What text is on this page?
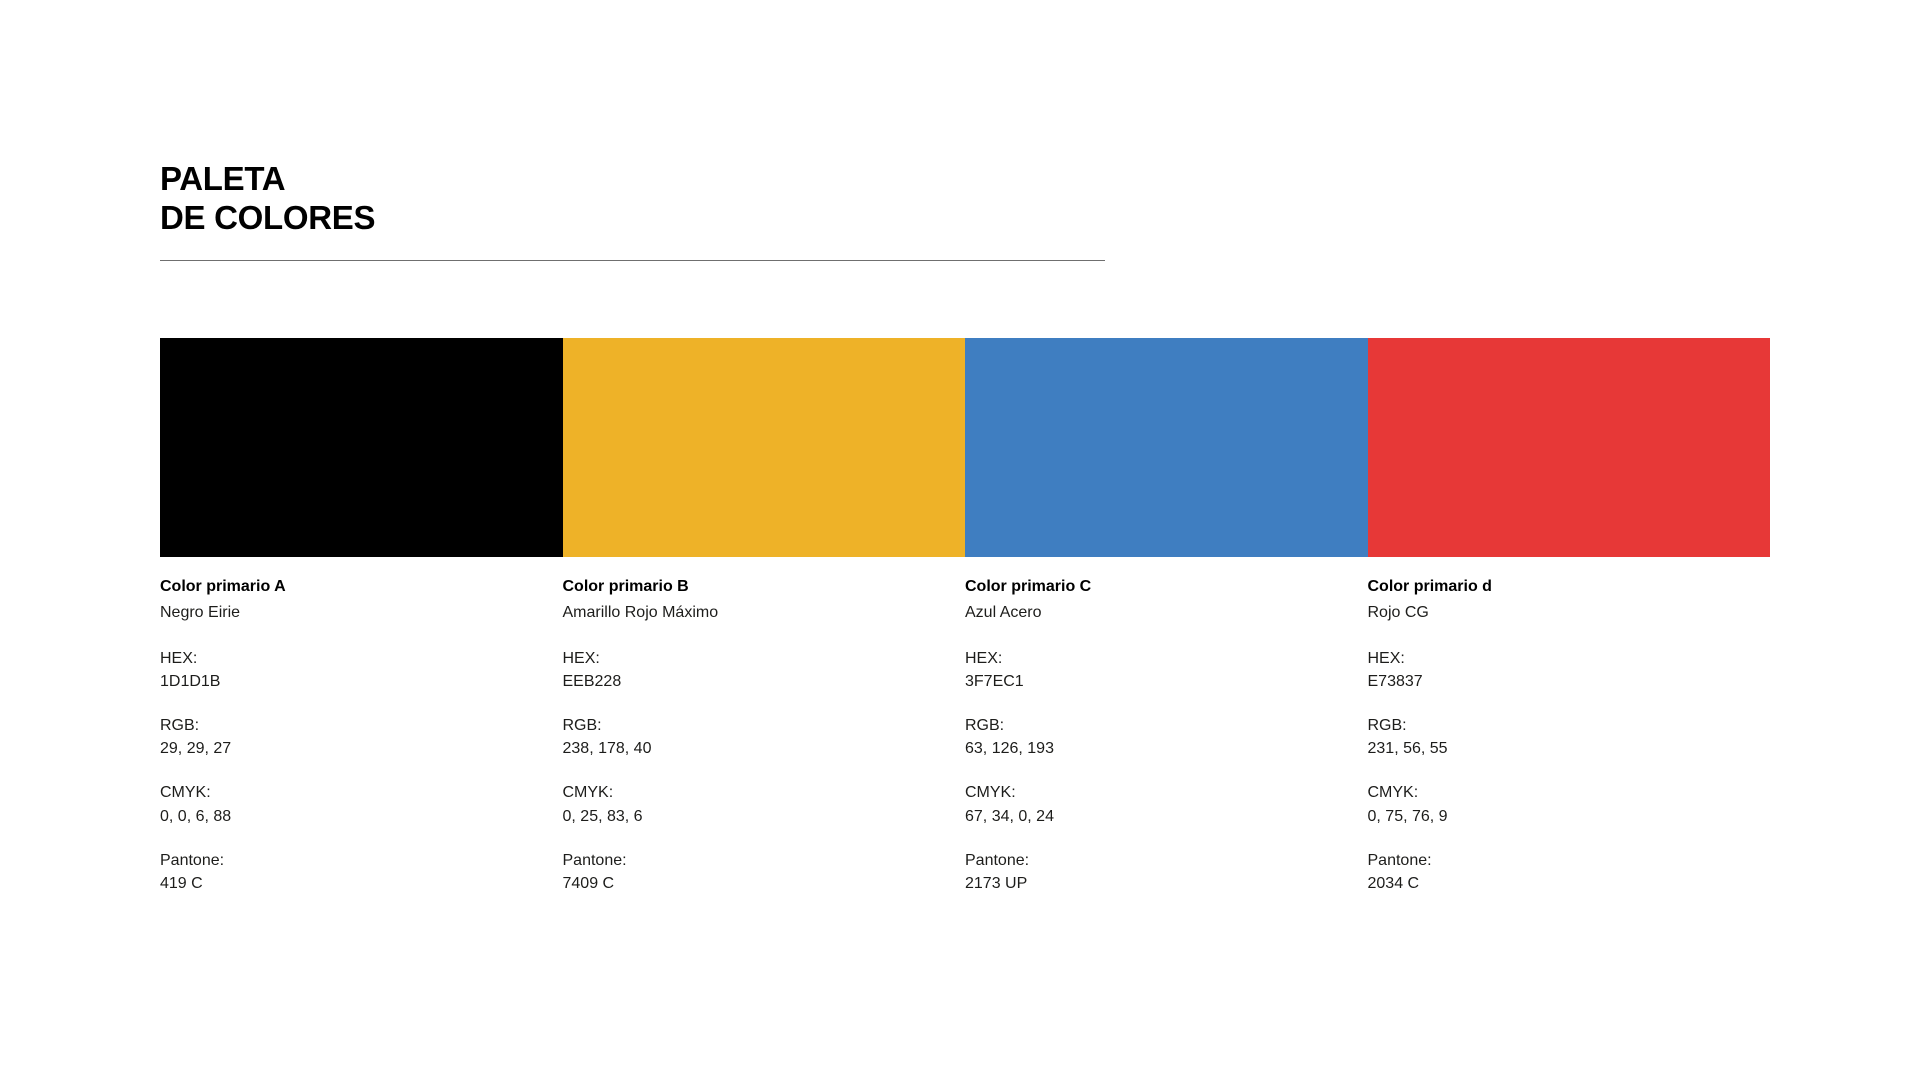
PALETA
DE COLORES

Color primario A

Negro Eirie

HEX:

1D1D1B

RGB:

29, 29, 27

CMYK:

0, 0, 6, 88

Pantone:

419 C

Color primario B

Amarillo Rojo Máximo

HEX:

EEB228

RGB:

238, 178, 40

CMYK:

0, 25, 83, 6

Pantone:

7409 C

Color primario C

Azul Acero

HEX:

3F7EC1

RGB:

63, 126, 193

CMYK:

67, 34, 0, 24

Pantone:

2173 UP

Color primario d

Rojo CG

HEX:

E73837

RGB:

231, 56, 55

CMYK:

0, 75, 76, 9

Pantone:

2034 C
